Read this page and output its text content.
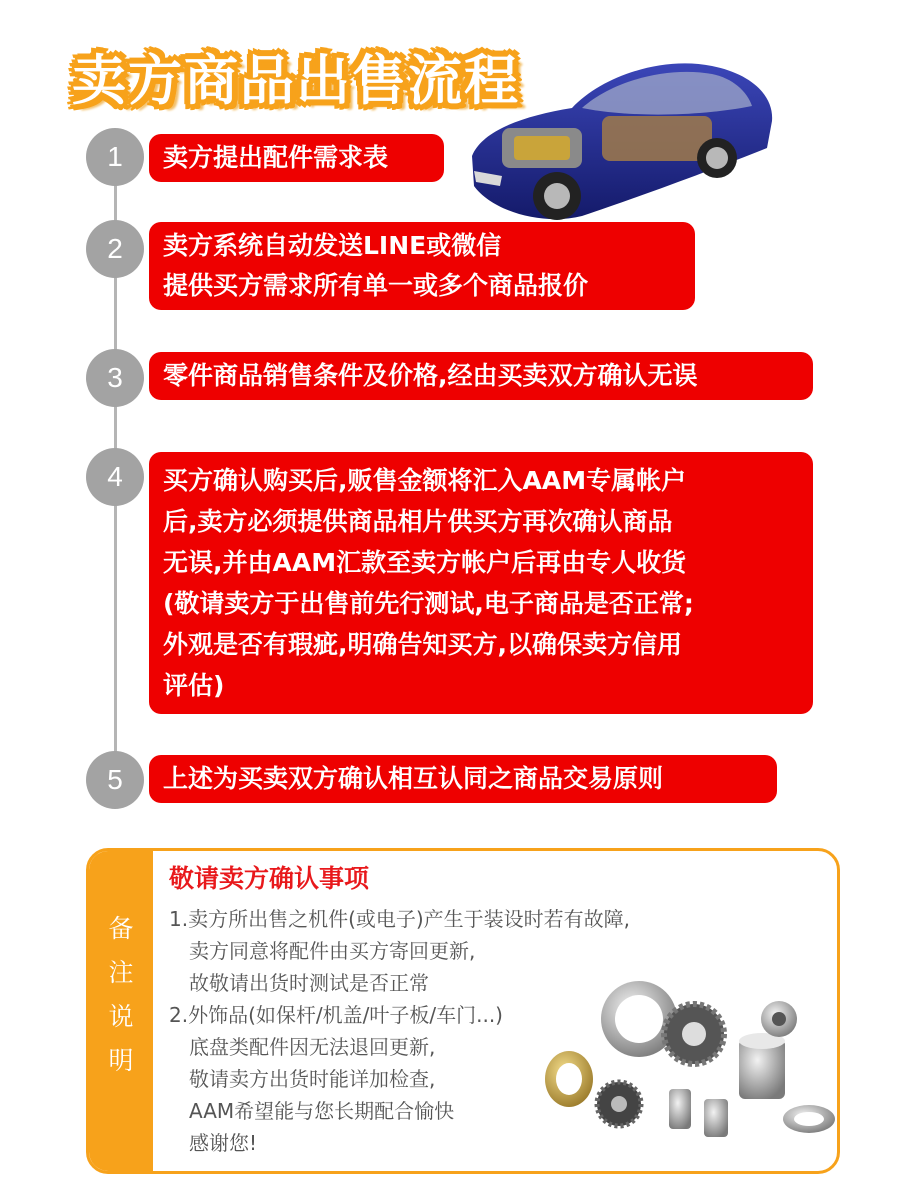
卖方商品出售流程
1	卖方提出配件需求表
2	卖方系统自动发送LINE或微信
提供买方需求所有单一或多个商品报价
3	零件商品销售条件及价格,经由买卖双方确认无误
4	买方确认购买后,贩售金额将汇入AAM专属帐户
后,卖方必须提供商品相片供买方再次确认商品
无误,并由AAM汇款至卖方帐户后再由专人收货
(敬请卖方于出售前先行测试,电子商品是否正常;
外观是否有瑕疵,明确告知买方,以确保卖方信用
评估)
5	上述为买卖双方确认相互认同之商品交易原则
备
注
说
明
敬请卖方确认事项
1.卖方所出售之机件(或电子)产生于装设时若有故障,
卖方同意将配件由买方寄回更新,
故敬请出货时测试是否正常
2.外饰品(如保杆/机盖/叶子板/车门...)
底盘类配件因无法退回更新,
敬请卖方出货时能详加检查,
AAM希望能与您长期配合愉快
感谢您!
